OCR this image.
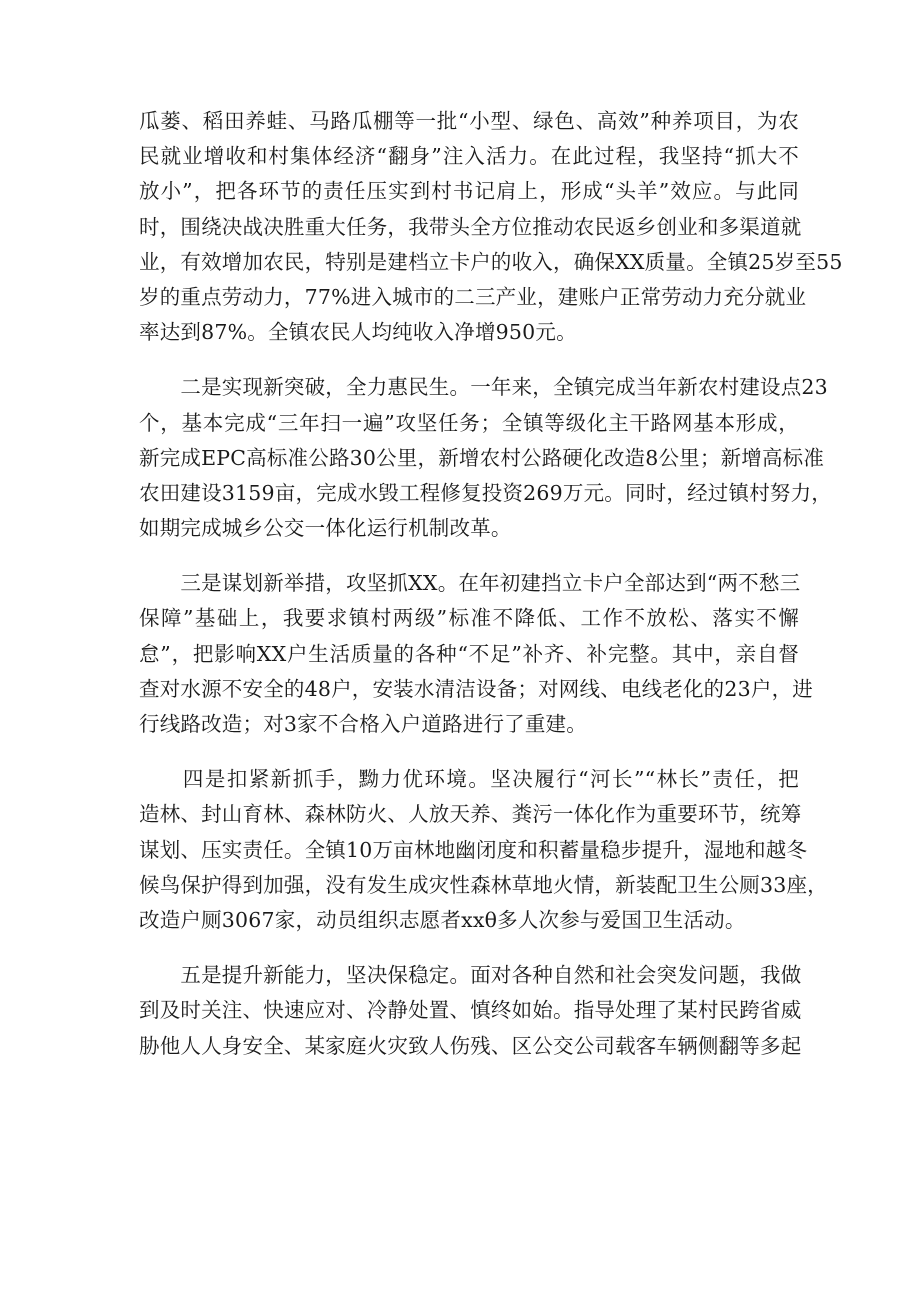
瓜蒌、稻田养蛙、马路瓜棚等一批“小型、绿色、高效”种养项目，为农
民就业增收和村集体经济“翻身”注入活力。在此过程，我坚持“抓大不
放小”，把各环节的责任压实到村书记肩上，形成“头羊”效应。与此同
时，围绕决战决胜重大任务，我带头全方位推动农民返乡创业和多渠道就
业，有效增加农民，特别是建档立卡户的收入，确保XX质量。全镇25岁至55
岁的重点劳动力，77%进入城市的二三产业，建账户正常劳动力充分就业
率达到87%。全镇农民人均纯收入净增950元。
　　二是实现新突破，全力惠民生。一年来，全镇完成当年新农村建设点23
个，基本完成“三年扫一遍”攻坚任务；全镇等级化主干路网基本形成，
新完成EPC高标准公路30公里，新增农村公路硬化改造8公里；新增高标准
农田建设3159亩，完成水毁工程修复投资269万元。同时，经过镇村努力，
如期完成城乡公交一体化运行机制改革。
　　三是谋划新举措，攻坚抓XX。在年初建挡立卡户全部达到“两不愁三
保障”基础上，我要求镇村两级”标准不降低、工作不放松、落实不懈
怠”，把影响XX户生活质量的各种“不足”补齐、补完整。其中，亲自督
查对水源不安全的48户，安装水清洁设备；对网线、电线老化的23户，进
行线路改造；对3家不合格入户道路进行了重建。
　　四是扣紧新抓手，黝力优环境。坚决履行“河长”“林长”责任，把
造林、封山育林、森林防火、人放天养、粪污一体化作为重要环节，统筹
谋划、压实责任。全镇10万亩林地幽闭度和积蓄量稳步提升，湿地和越冬
候鸟保护得到加强，没有发生成灾性森林草地火情，新装配卫生公厕33座，
改造户厕3067家，动员组织志愿者xxθ多人次参与爱国卫生活动。
　　五是提升新能力，坚决保稳定。面对各种自然和社会突发问题，我做
到及时关注、快速应对、冷静处置、慎终如始。指导处理了某村民跨省威
胁他人人身安全、某家庭火灾致人伤残、区公交公司载客车辆侧翻等多起
